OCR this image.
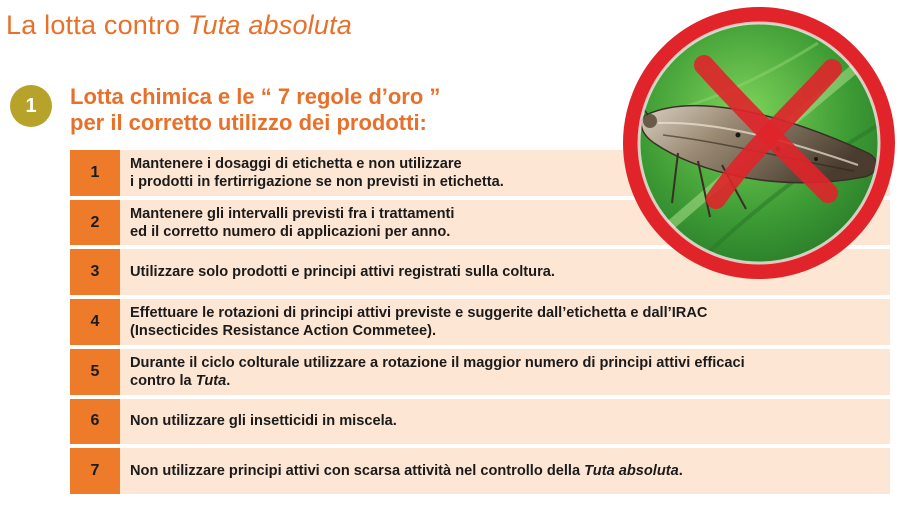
La lotta contro Tuta absoluta
1	Lotta chimica e le “ 7 regole d’oro ”
per il corretto utilizzo dei prodotti:
1	Mantenere i dosaggi di etichetta e non utilizzare
i prodotti in fertirrigazione se non previsti in etichetta.
2	Mantenere gli intervalli previsti fra i trattamenti
ed il corretto numero di applicazioni per anno.
3	Utilizzare solo prodotti e principi attivi registrati sulla coltura.
4	Effettuare le rotazioni di principi attivi previste e suggerite dall’etichetta e dall’IRAC
(Insecticides Resistance Action Commetee).
5	Durante il ciclo colturale utilizzare a rotazione il maggior numero di principi attivi efficaci
contro la Tuta.
6	Non utilizzare gli insetticidi in miscela.
7	Non utilizzare principi attivi con scarsa attività nel controllo della Tuta absoluta.
